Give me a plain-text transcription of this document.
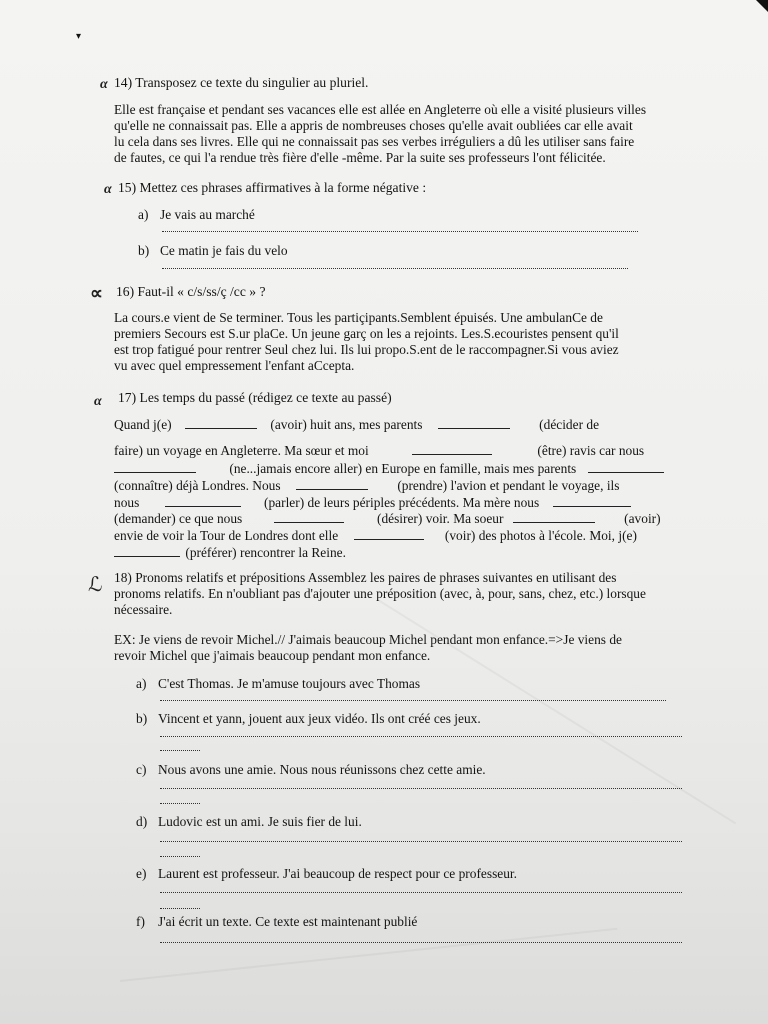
▾
α 14) Transposez ce texte du singulier au pluriel.
Elle est française et pendant ses vacances elle est allée en Angleterre où elle a visité plusieurs villes
qu'elle ne connaissait pas. Elle a appris de nombreuses choses qu'elle avait oubliées car elle avait
lu cela dans ses livres. Elle qui ne connaissait pas ses verbes irréguliers a dû les utiliser sans faire
de fautes, ce qui l'a rendue très fière d'elle -même. Par la suite ses professeurs l'ont félicitée.
α 15) Mettez ces phrases affirmatives à la forme négative :
a) Je vais au marché
b) Ce matin je fais du velo
∝ 16) Faut-il « c/s/ss/ç /cc » ?
La cours.e vient de Se terminer. Tous les partiçipants.Semblent épuisés. Une ambulanCe de
premiers Secours est S.ur plaCe. Un jeune garç on les a rejoints. Les.S.ecouristes pensent qu'il
est trop fatigué pour rentrer Seul chez lui. Ils lui propo.S.ent de le raccompagner.Si vous aviez
vu avec quel empressement l'enfant aCcepta.
α 17) Les temps du passé (rédigez ce texte au passé)
Quand j(e)	(avoir) huit ans, mes parents	(décider de
faire) un voyage en Angleterre. Ma sœur et moi	(être) ravis car nous
(ne...jamais encore aller) en Europe en famille, mais mes parents
(connaître) déjà Londres. Nous	(prendre) l'avion et pendant le voyage, ils
nous	(parler) de leurs périples précédents. Ma mère nous
(demander) ce que nous	(désirer) voir. Ma soeur	(avoir)
envie de voir la Tour de Londres dont elle	(voir) des photos à l'école. Moi, j(e)
(préférer) rencontrer la Reine.
ℒ 18) Pronoms relatifs et prépositions Assemblez les paires de phrases suivantes en utilisant des
pronoms relatifs. En n'oubliant pas d'ajouter une préposition (avec, à, pour, sans, chez, etc.) lorsque
nécessaire.
EX: Je viens de revoir Michel.// J'aimais beaucoup Michel pendant mon enfance.=>Je viens de
revoir Michel que j'aimais beaucoup pendant mon enfance.
a) C'est Thomas. Je m'amuse toujours avec Thomas
b) Vincent et yann, jouent aux jeux vidéo. Ils ont créé ces jeux.
c) Nous avons une amie. Nous nous réunissons chez cette amie.
d) Ludovic est un ami. Je suis fier de lui.
e) Laurent est professeur. J'ai beaucoup de respect pour ce professeur.
f) J'ai écrit un texte. Ce texte est maintenant publié
